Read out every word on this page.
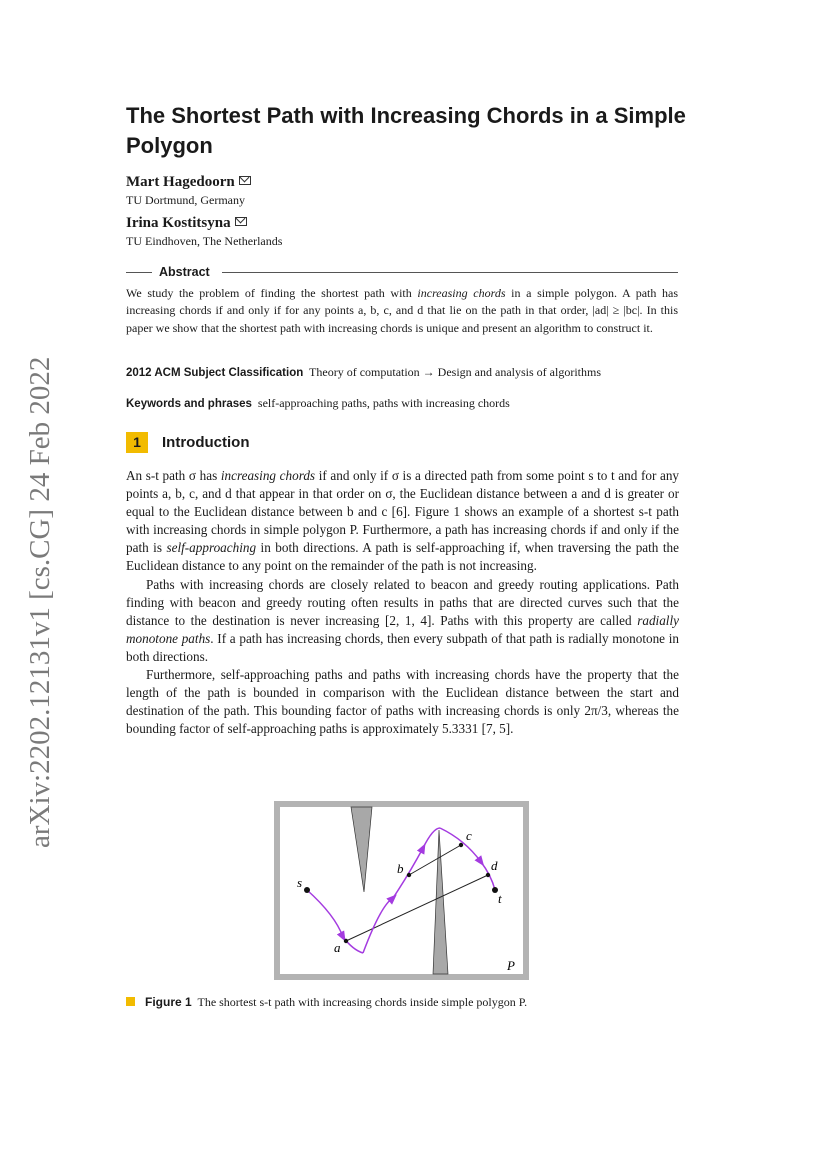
arXiv:2202.12131v1 [cs.CG] 24 Feb 2022
The Shortest Path with Increasing Chords in a Simple Polygon
Mart Hagedoorn
TU Dortmund, Germany
Irina Kostitsyna
TU Eindhoven, The Netherlands
Abstract
We study the problem of finding the shortest path with increasing chords in a simple polygon. A path has increasing chords if and only if for any points a, b, c, and d that lie on the path in that order, |ad| ≥ |bc|. In this paper we show that the shortest path with increasing chords is unique and present an algorithm to construct it.
2012 ACM Subject Classification Theory of computation → Design and analysis of algorithms
Keywords and phrases self-approaching paths, paths with increasing chords
1 Introduction

An s-t path σ has increasing chords if and only if σ is a directed path from some point s to t and for any points a, b, c, and d that appear in that order on σ, the Euclidean distance between a and d is greater or equal to the Euclidean distance between b and c [6]. Figure 1 shows an example of a shortest s-t path with increasing chords in simple polygon P. Furthermore, a path has increasing chords if and only if the path is self-approaching in both directions. A path is self-approaching if, when traversing the path the Euclidean distance to any point on the remainder of the path is not increasing.

Paths with increasing chords are closely related to beacon and greedy routing applications. Path finding with beacon and greedy routing often results in paths that are directed curves such that the distance to the destination is never increasing [2, 1, 4]. Paths with this property are called radially monotone paths. If a path has increasing chords, then every subpath of that path is radially monotone in both directions.

Furthermore, self-approaching paths and paths with increasing chords have the property that the length of the path is bounded in comparison with the Euclidean distance between the start and destination of the path. This bounding factor of paths with increasing chords is only 2π/3, whereas the bounding factor of self-approaching paths is approximately 5.3331 [7, 5].

s
a
b
c
d
t
P
Figure 1 The shortest s-t path with increasing chords inside simple polygon P.
